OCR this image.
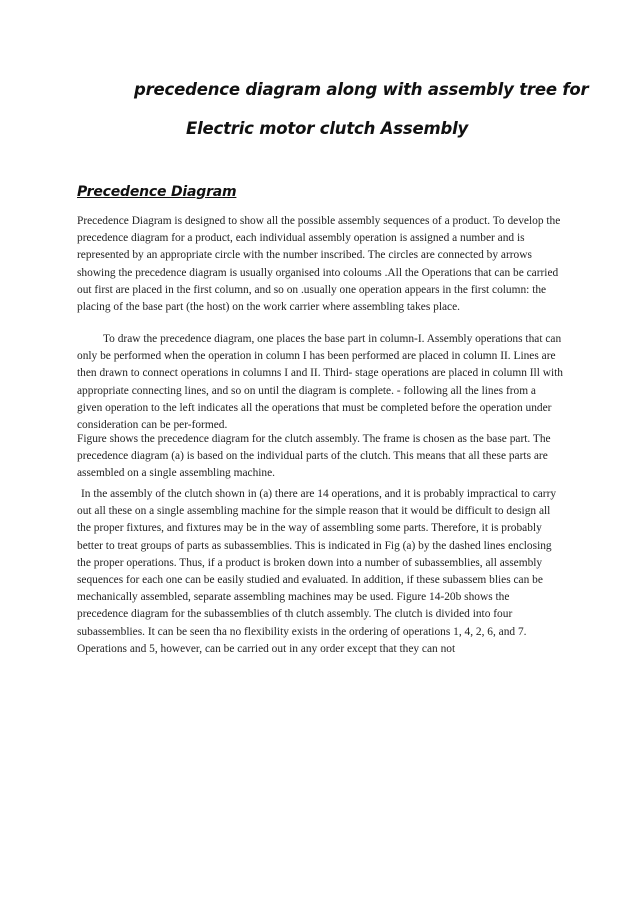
precedence diagram along with assembly tree for
Electric motor clutch Assembly
Precedence Diagram

Precedence Diagram is designed to show all the possible assembly sequences of a product. To develop the precedence diagram for a product, each individual assembly operation is assigned a number and is represented by an appropriate circle with the number inscribed. The circles are connected by arrows showing the precedence diagram is usually organised into coloums .All the Operations that can be carried out first are placed in the first column, and so on .usually one operation appears in the first column: the placing of the base part (the host) on the work carrier where assembling takes place.

To draw the precedence diagram, one places the base part in column-I. Assembly operations that can only be performed when the operation in column I has been performed are placed in column II. Lines are then drawn to connect operations in columns I and II. Third- stage operations are placed in column Ill with appropriate connecting lines, and so on until the diagram is complete. - following all the lines from a given operation to the left indicates all the operations that must be completed before the operation under consideration can be per-formed.

Figure shows the precedence diagram for the clutch assembly. The frame is chosen as the base part. The precedence diagram (a) is based on the individual parts of the clutch. This means that all these parts are assembled on a single assembling machine.

In the assembly of the clutch shown in (a) there are 14 operations, and it is probably impractical to carry out all these on a single assembling machine for the simple reason that it would be difficult to design all the proper fixtures, and fixtures may be in the way of assembling some parts. Therefore, it is probably better to treat groups of parts as subassemblies. This is indicated in Fig (a) by the dashed lines enclosing the proper operations. Thus, if a product is broken down into a number of subassemblies, all assembly sequences for each one can be easily studied and evaluated. In addition, if these subassem blies can be mechanically assembled, separate assembling machines may be used. Figure 14-20b shows the precedence diagram for the subassemblies of th clutch assembly. The clutch is divided into four subassemblies. It can be seen tha no flexibility exists in the ordering of operations 1, 4, 2, 6, and 7. Operations and 5, however, can be carried out in any order except that they can not
